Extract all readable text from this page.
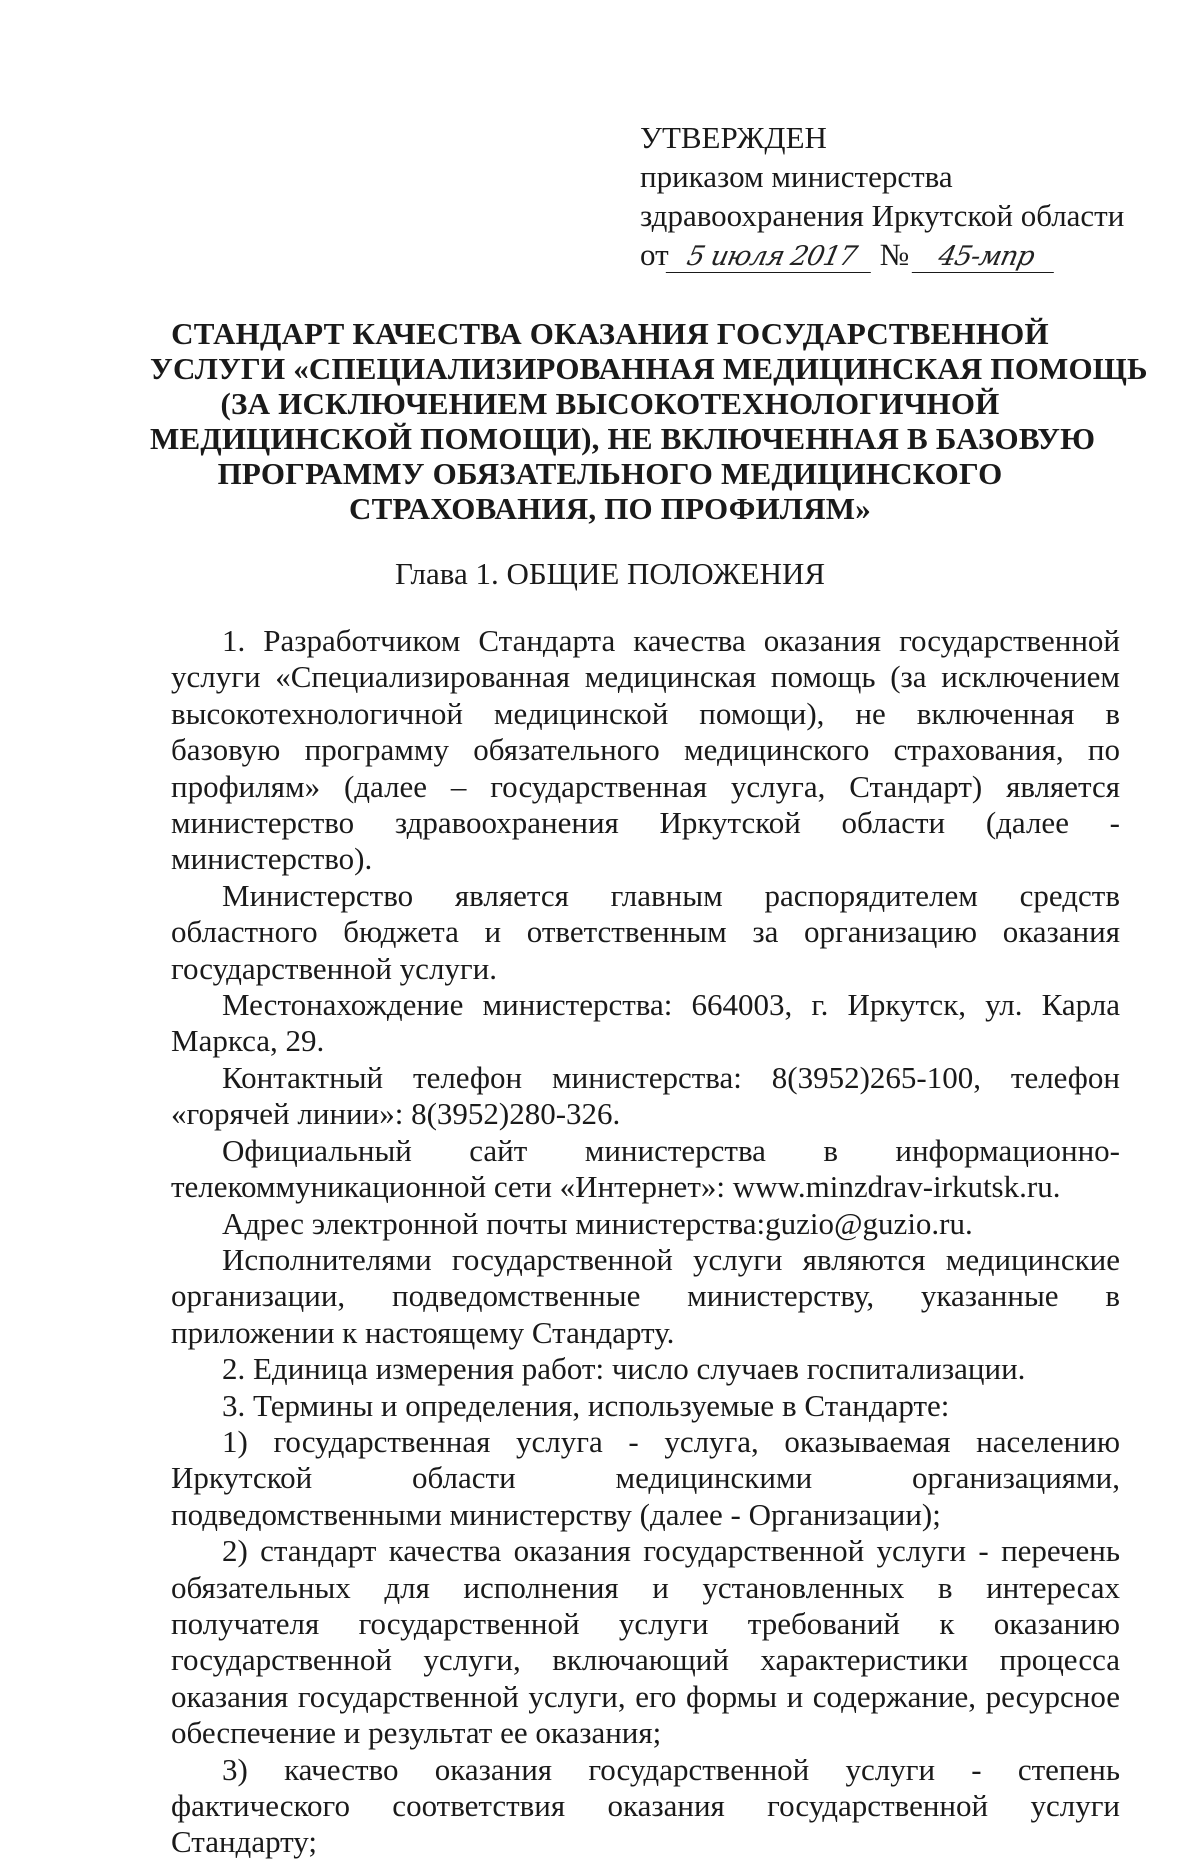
УТВЕРЖДЕН
приказом министерства
здравоохранения Иркутской области
от 5 июля 2017 № 45-мпр
СТАНДАРТ КАЧЕСТВА ОКАЗАНИЯ ГОСУДАРСТВЕННОЙ
УСЛУГИ «СПЕЦИАЛИЗИРОВАННАЯ МЕДИЦИНСКАЯ ПОМОЩЬ
(ЗА ИСКЛЮЧЕНИЕМ ВЫСОКОТЕХНОЛОГИЧНОЙ
МЕДИЦИНСКОЙ ПОМОЩИ), НЕ ВКЛЮЧЕННАЯ В БАЗОВУЮ
ПРОГРАММУ ОБЯЗАТЕЛЬНОГО МЕДИЦИНСКОГО
СТРАХОВАНИЯ, ПО ПРОФИЛЯМ»
Глава 1. ОБЩИЕ ПОЛОЖЕНИЯ

1. Разработчиком Стандарта качества оказания государственной услуги «Специализированная медицинская помощь (за исключением высокотехнологичной медицинской помощи), не включенная в базовую программу обязательного медицинского страхования, по профилям» (далее – государственная услуга, Стандарт) является министерство здравоохранения Иркутской области (далее - министерство).

Министерство является главным распорядителем средств областного бюджета и ответственным за организацию оказания государственной услуги.

Местонахождение министерства: 664003, г. Иркутск, ул. Карла Маркса, 29.

Контактный телефон министерства: 8(3952)265-100, телефон «горячей линии»: 8(3952)280-326.

Официальный сайт министерства в информационно-телекоммуникационной сети «Интернет»: www.minzdrav-irkutsk.ru.

Адрес электронной почты министерства:guzio@guzio.ru.

Исполнителями государственной услуги являются медицинские организации, подведомственные министерству, указанные в приложении к настоящему Стандарту.

2. Единица измерения работ: число случаев госпитализации.

3. Термины и определения, используемые в Стандарте:

1) государственная услуга - услуга, оказываемая населению Иркутской области медицинскими организациями, подведомственными министерству (далее - Организации);

2) стандарт качества оказания государственной услуги - перечень обязательных для исполнения и установленных в интересах получателя государственной услуги требований к оказанию государственной услуги, включающий характеристики процесса оказания государственной услуги, его формы и содержание, ресурсное обеспечение и результат ее оказания;

3) качество оказания государственной услуги - степень фактического соответствия оказания государственной услуги Стандарту;
